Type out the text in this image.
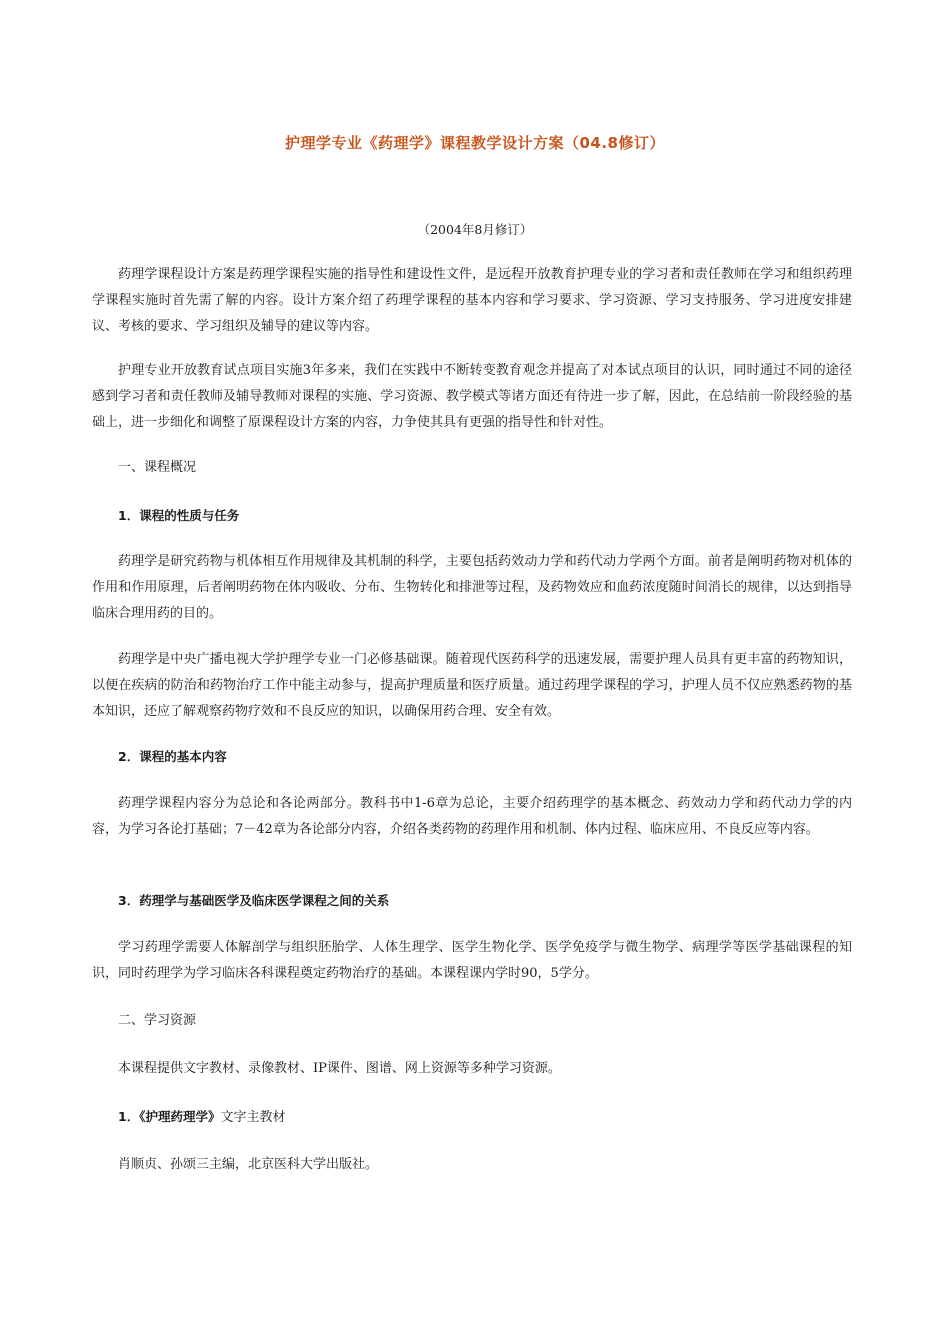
护理学专业《药理学》课程教学设计方案（04.8修订）
（2004年8月修订）
药理学课程设计方案是药理学课程实施的指导性和建设性文件，是远程开放教育护理专业的学习者和责任教师在学习和组织药理学课程实施时首先需了解的内容。设计方案介绍了药理学课程的基本内容和学习要求、学习资源、学习支持服务、学习进度安排建议、考核的要求、学习组织及辅导的建议等内容。
护理专业开放教育试点项目实施3年多来，我们在实践中不断转变教育观念并提高了对本试点项目的认识，同时通过不同的途径感到学习者和责任教师及辅导教师对课程的实施、学习资源、教学模式等诸方面还有待进一步了解，因此，在总结前一阶段经验的基础上，进一步细化和调整了原课程设计方案的内容，力争使其具有更强的指导性和针对性。
一、课程概况
1．课程的性质与任务
药理学是研究药物与机体相互作用规律及其机制的科学，主要包括药效动力学和药代动力学两个方面。前者是阐明药物对机体的作用和作用原理，后者阐明药物在体内吸收、分布、生物转化和排泄等过程，及药物效应和血药浓度随时间消长的规律，以达到指导临床合理用药的目的。
药理学是中央广播电视大学护理学专业一门必修基础课。随着现代医药科学的迅速发展，需要护理人员具有更丰富的药物知识，以便在疾病的防治和药物治疗工作中能主动参与，提高护理质量和医疗质量。通过药理学课程的学习，护理人员不仅应熟悉药物的基本知识，还应了解观察药物疗效和不良反应的知识，以确保用药合理、安全有效。
2．课程的基本内容
药理学课程内容分为总论和各论两部分。教科书中1-6章为总论，主要介绍药理学的基本概念、药效动力学和药代动力学的内容，为学习各论打基础；7－42章为各论部分内容，介绍各类药物的药理作用和机制、体内过程、临床应用、不良反应等内容。
3．药理学与基础医学及临床医学课程之间的关系
学习药理学需要人体解剖学与组织胚胎学、人体生理学、医学生物化学、医学免疫学与微生物学、病理学等医学基础课程的知识，同时药理学为学习临床各科课程奠定药物治疗的基础。本课程课内学时90，5学分。
二、学习资源
本课程提供文字教材、录像教材、IP课件、图谱、网上资源等多种学习资源。
1．《护理药理学》文字主教材
肖顺贞、孙颂三主编，北京医科大学出版社。
